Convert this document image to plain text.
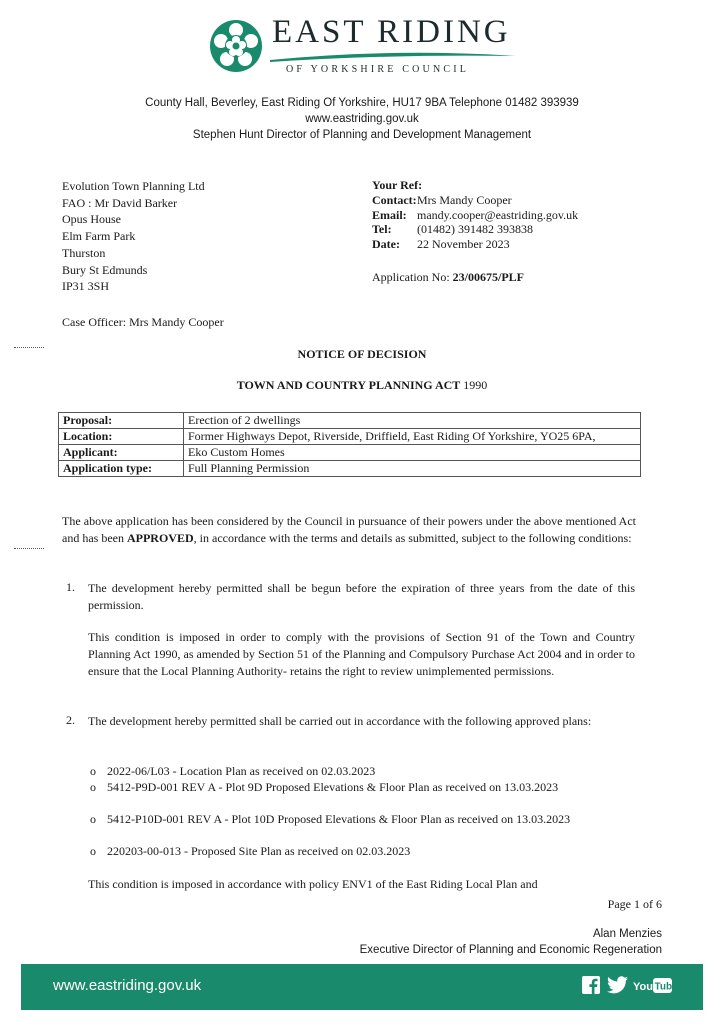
EAST RIDING
OF YORKSHIRE COUNCIL
County Hall, Beverley, East Riding Of Yorkshire, HU17 9BA Telephone 01482 393939
www.eastriding.gov.uk
Stephen Hunt Director of Planning and Development Management
Evolution Town Planning Ltd
FAO : Mr David Barker
Opus House
Elm Farm Park
Thurston
Bury St Edmunds
IP31 3SH
Your Ref:
Contact: Mrs Mandy Cooper
Email: mandy.cooper@eastriding.gov.uk
Tel: (01482) 391482 393838
Date: 22 November 2023
Application No: 23/00675/PLF
Case Officer: Mrs Mandy Cooper
NOTICE OF DECISION
TOWN AND COUNTRY PLANNING ACT 1990
Proposal:	Erection of 2 dwellings
Location:	Former Highways Depot, Riverside, Driffield, East Riding Of Yorkshire, YO25 6PA,
Applicant:	Eko Custom Homes
Application type:	Full Planning Permission
The above application has been considered by the Council in pursuance of their powers under the above mentioned Act and has been APPROVED, in accordance with the terms and details as submitted, subject to the following conditions:
1. The development hereby permitted shall be begun before the expiration of three years from the date of this permission.
This condition is imposed in order to comply with the provisions of Section 91 of the Town and Country Planning Act 1990, as amended by Section 51 of the Planning and Compulsory Purchase Act 2004 and in order to ensure that the Local Planning Authority- retains the right to review unimplemented permissions.
2. The development hereby permitted shall be carried out in accordance with the following approved plans:
o 2022-06/L03 - Location Plan as received on 02.03.2023
o 5412-P9D-001 REV A - Plot 9D Proposed Elevations & Floor Plan as received on 13.03.2023
o 5412-P10D-001 REV A - Plot 10D Proposed Elevations & Floor Plan as received on 13.03.2023
o 220203-00-013 - Proposed Site Plan as received on 02.03.2023
This condition is imposed in accordance with policy ENV1 of the East Riding Local Plan and
Page 1 of 6
Alan Menzies
Executive Director of Planning and Economic Regeneration
www.eastriding.gov.uk	You Tube
